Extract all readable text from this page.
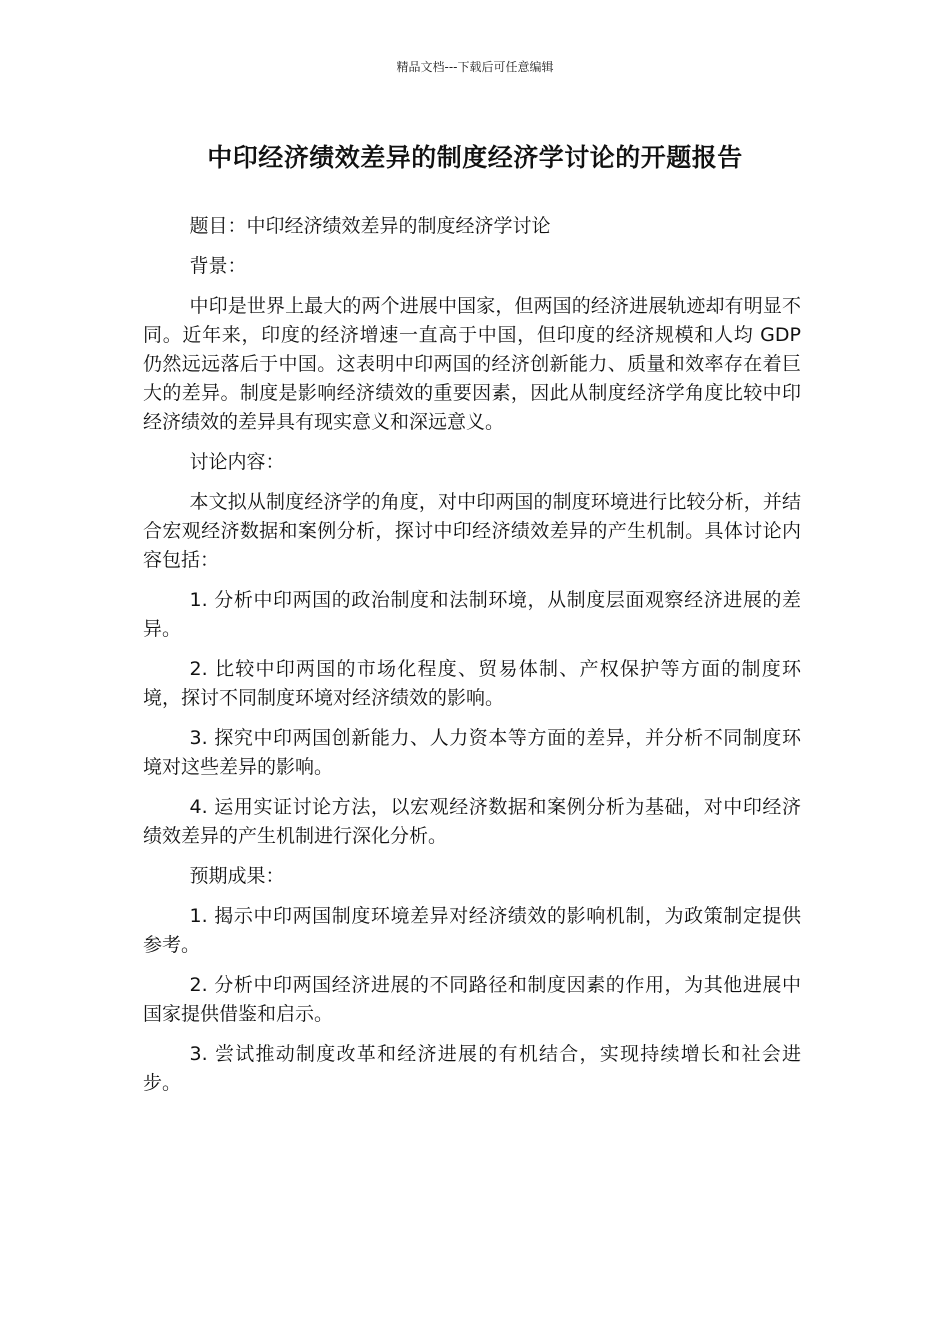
精品文档---下载后可任意编辑
中印经济绩效差异的制度经济学讨论的开题报告

题目：中印经济绩效差异的制度经济学讨论

背景：

中印是世界上最大的两个进展中国家，但两国的经济进展轨迹却有明显不同。近年来，印度的经济增速一直高于中国，但印度的经济规模和人均 GDP 仍然远远落后于中国。这表明中印两国的经济创新能力、质量和效率存在着巨大的差异。制度是影响经济绩效的重要因素，因此从制度经济学角度比较中印经济绩效的差异具有现实意义和深远意义。

讨论内容：

本文拟从制度经济学的角度，对中印两国的制度环境进行比较分析，并结合宏观经济数据和案例分析，探讨中印经济绩效差异的产生机制。具体讨论内容包括：

1. 分析中印两国的政治制度和法制环境，从制度层面观察经济进展的差异。

2. 比较中印两国的市场化程度、贸易体制、产权保护等方面的制度环境，探讨不同制度环境对经济绩效的影响。

3. 探究中印两国创新能力、人力资本等方面的差异，并分析不同制度环境对这些差异的影响。

4. 运用实证讨论方法，以宏观经济数据和案例分析为基础，对中印经济绩效差异的产生机制进行深化分析。

预期成果：

1. 揭示中印两国制度环境差异对经济绩效的影响机制，为政策制定提供参考。

2. 分析中印两国经济进展的不同路径和制度因素的作用，为其他进展中国家提供借鉴和启示。

3. 尝试推动制度改革和经济进展的有机结合，实现持续增长和社会进步。
